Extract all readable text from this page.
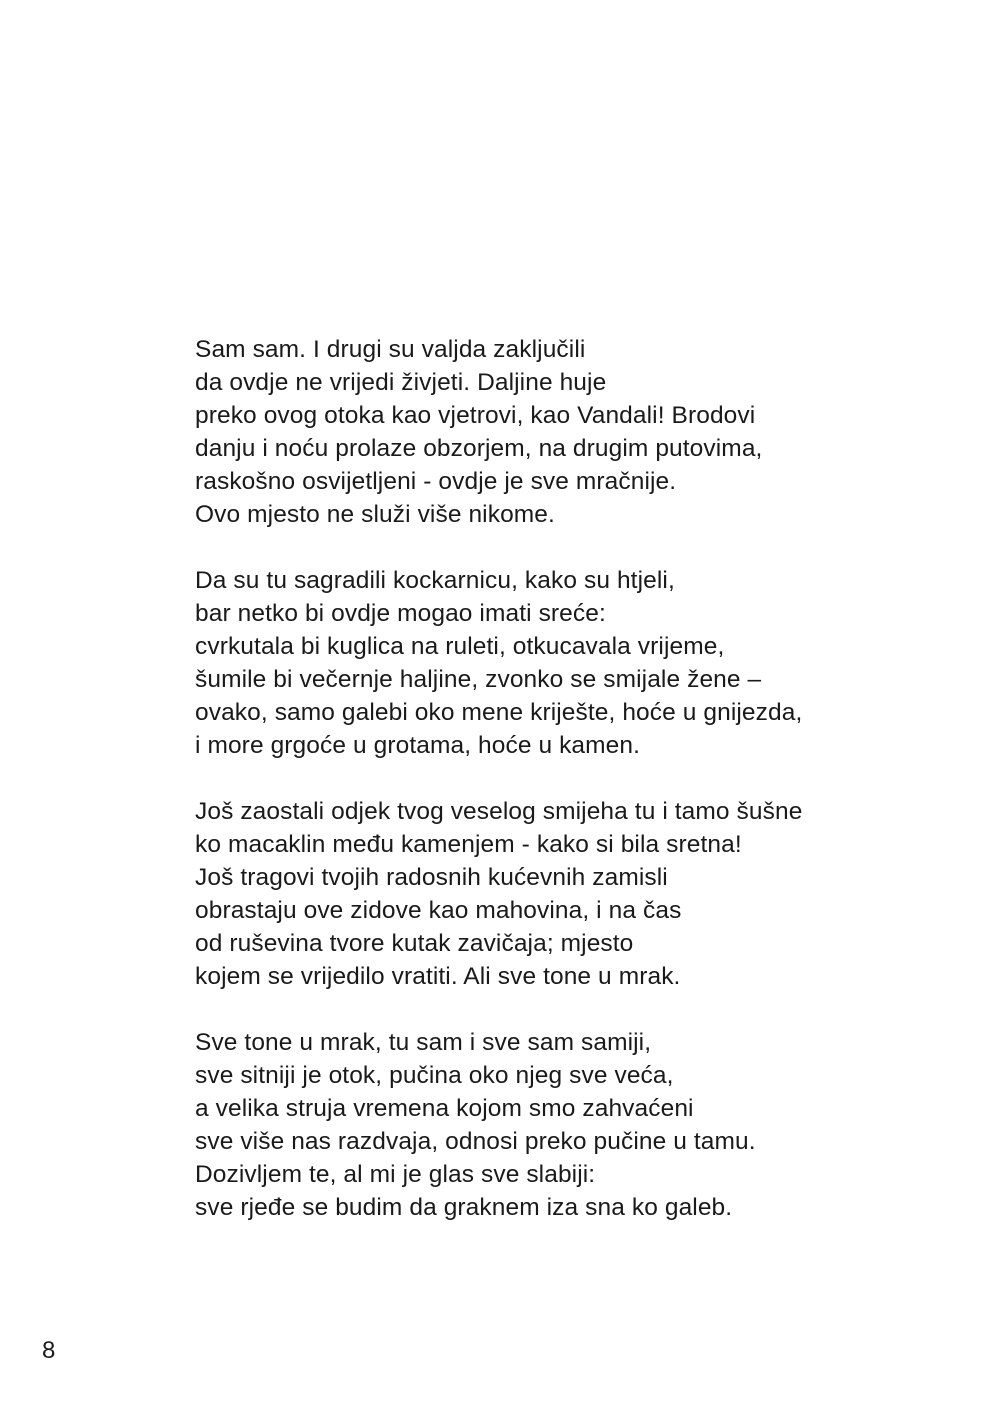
Sam sam. I drugi su valjda zaključili
da ovdje ne vrijedi živjeti. Daljine huje
preko ovog otoka kao vjetrovi, kao Vandali! Brodovi
danju i noću prolaze obzorjem, na drugim putovima,
raskošno osvijetljeni - ovdje je sve mračnije.
Ovo mjesto ne služi više nikome.
Da su tu sagradili kockarnicu, kako su htjeli,
bar netko bi ovdje mogao imati sreće:
cvrkutala bi kuglica na ruleti, otkucavala vrijeme,
šumile bi večernje haljine, zvonko se smijale žene –
ovako, samo galebi oko mene kriješte, hoće u gnijezda,
i more grgoće u grotama, hoće u kamen.
Još zaostali odjek tvog veselog smijeha tu i tamo šušne
ko macaklin među kamenjem - kako si bila sretna!
Još tragovi tvojih radosnih kućevnih zamisli
obrastaju ove zidove kao mahovina, i na čas
od ruševina tvore kutak zavičaja; mjesto
kojem se vrijedilo vratiti. Ali sve tone u mrak.
Sve tone u mrak, tu sam i sve sam samiji,
sve sitniji je otok, pučina oko njeg sve veća,
a velika struja vremena kojom smo zahvaćeni
sve više nas razdvaja, odnosi preko pučine u tamu.
Dozivljem te, al mi je glas sve slabiji:
sve rjeđe se budim da graknem iza sna ko galeb.
8
